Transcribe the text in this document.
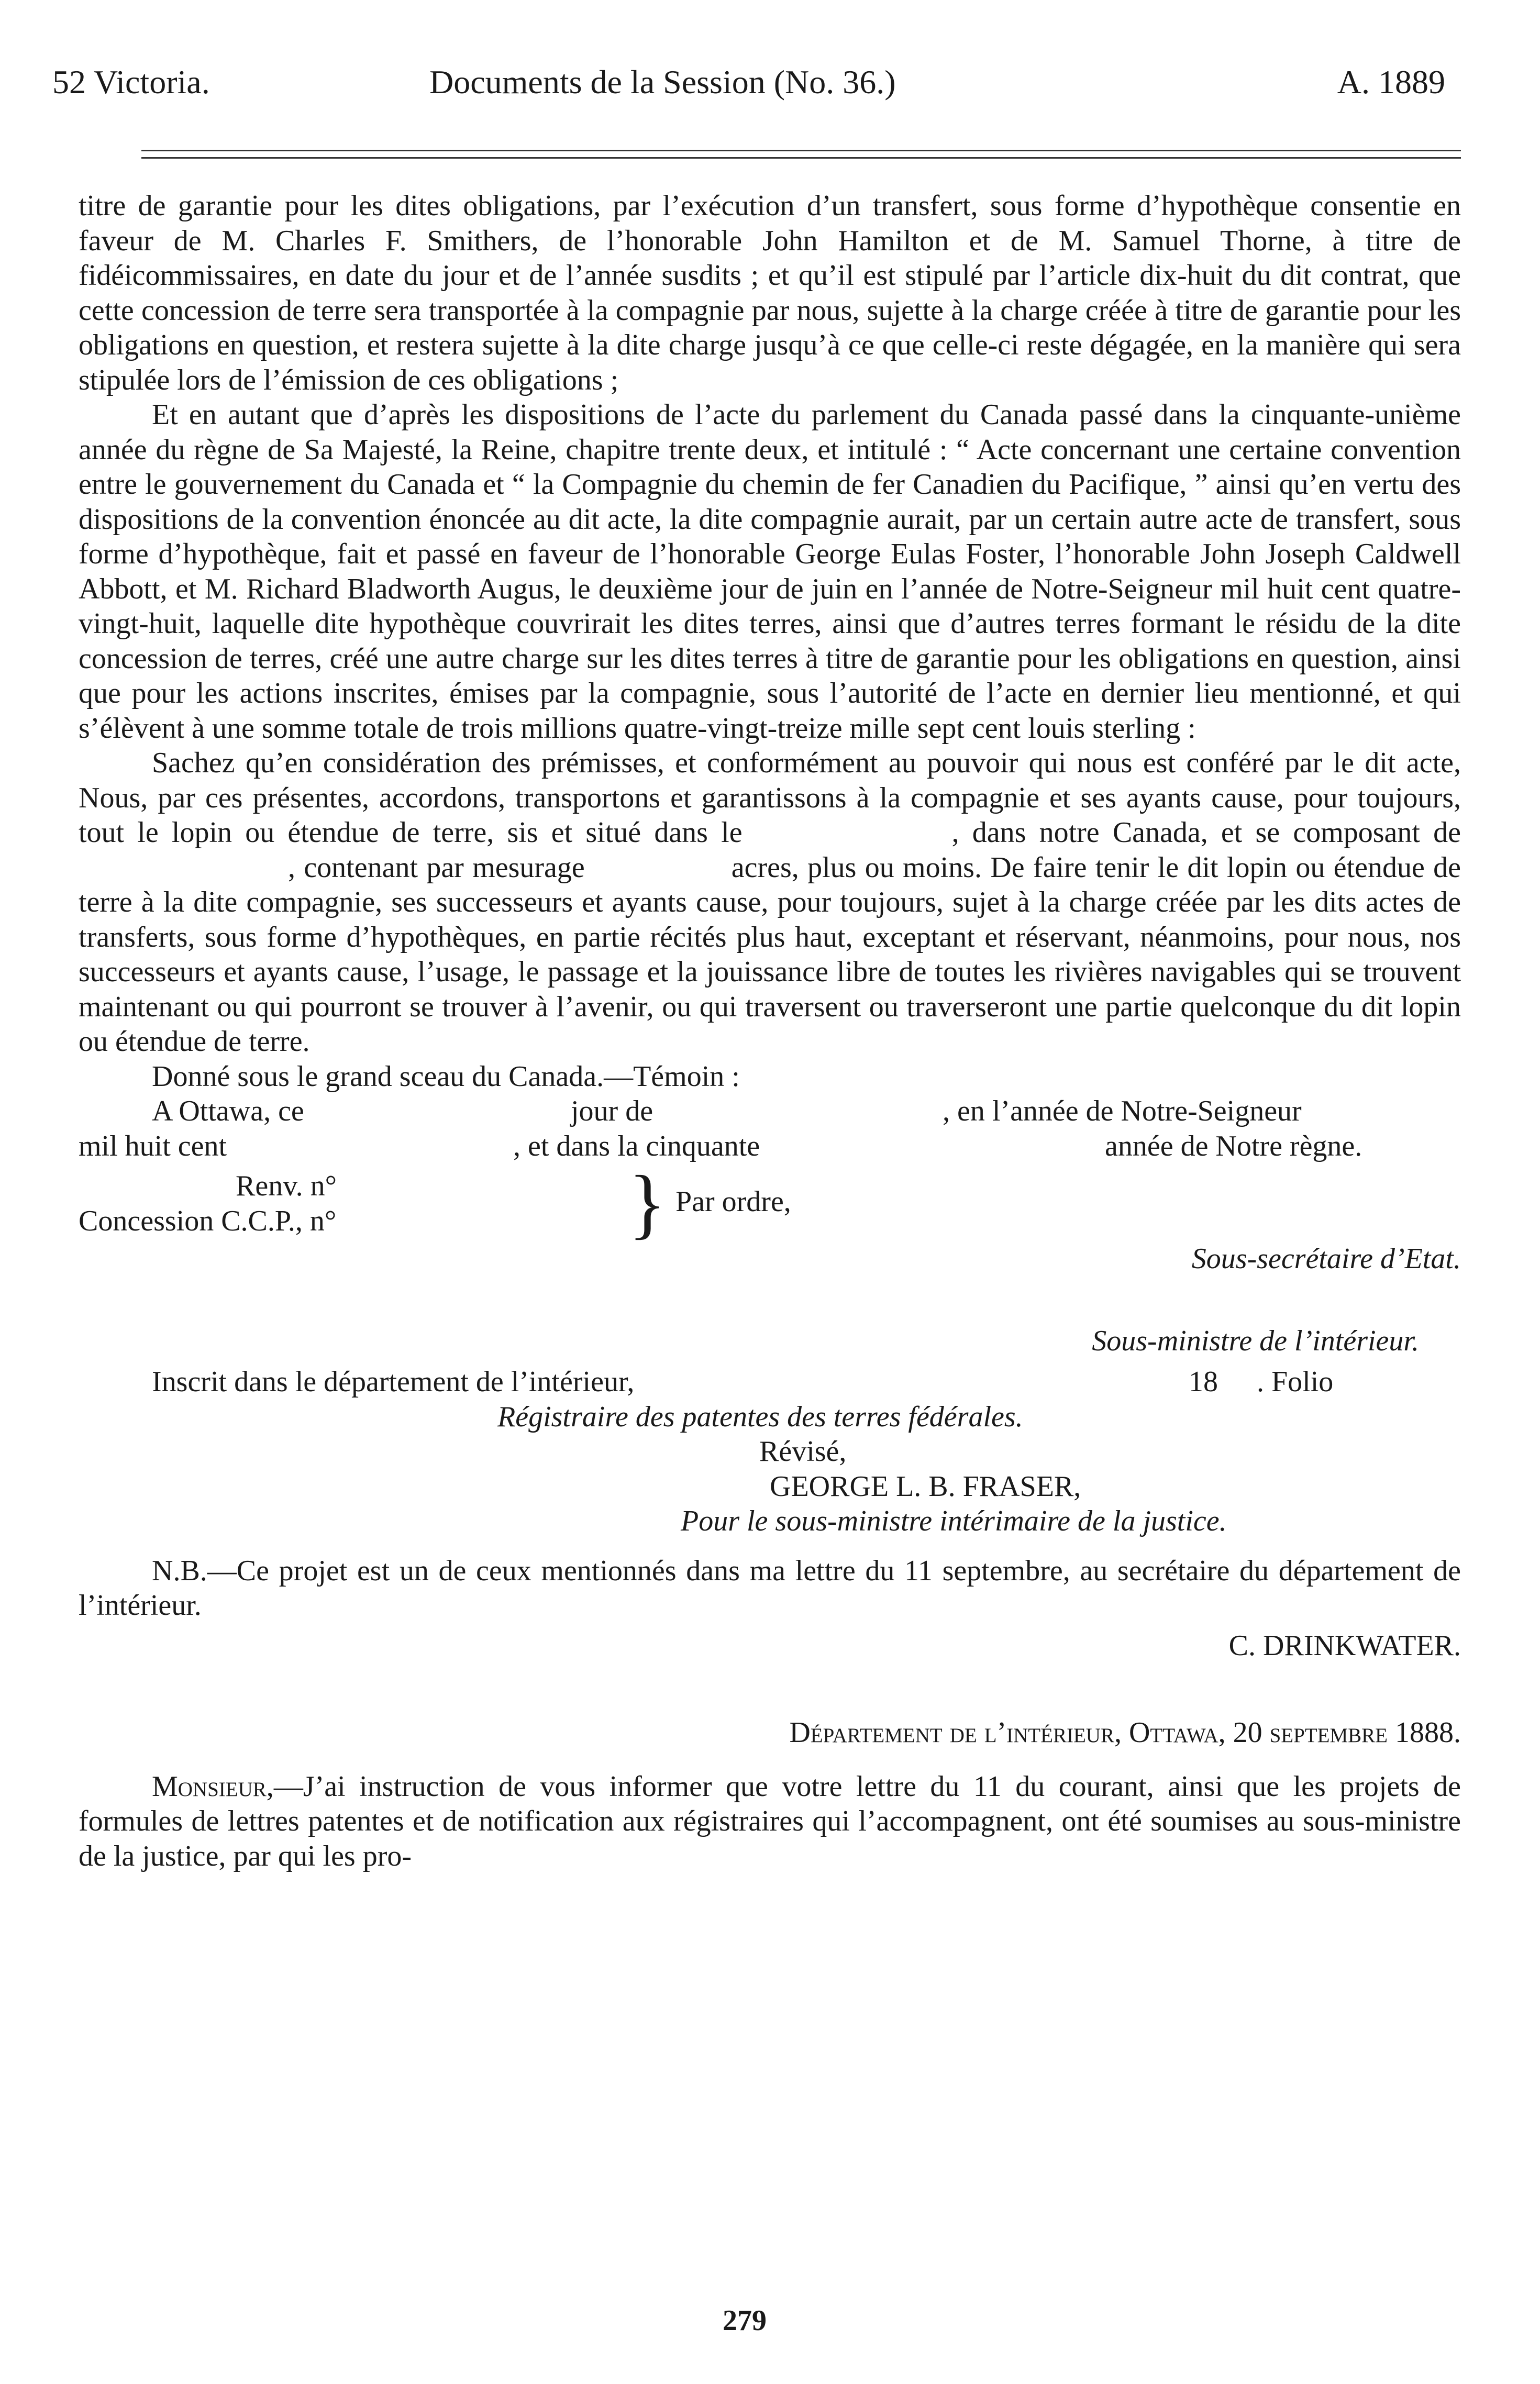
52 Victoria.	Documents de la Session (No. 36.)	A. 1889

titre de garantie pour les dites obligations, par l’exécution d’un transfert, sous forme d’hypothèque consentie en faveur de M. Charles F. Smithers, de l’honorable John Hamilton et de M. Samuel Thorne, à titre de fidéicommissaires, en date du jour et de l’année susdits ; et qu’il est stipulé par l’article dix-huit du dit contrat, que cette concession de terre sera transportée à la compagnie par nous, sujette à la charge créée à titre de garantie pour les obligations en question, et restera sujette à la dite charge jusqu’à ce que celle-ci reste dégagée, en la manière qui sera stipulée lors de l’émission de ces obligations ;

Et en autant que d’après les dispositions de l’acte du parlement du Canada passé dans la cinquante-unième année du règne de Sa Majesté, la Reine, chapitre trente deux, et intitulé : “ Acte concernant une certaine convention entre le gouvernement du Canada et “ la Compagnie du chemin de fer Canadien du Pacifique, ” ainsi qu’en vertu des dispositions de la convention énoncée au dit acte, la dite compagnie aurait, par un certain autre acte de transfert, sous forme d’hypothèque, fait et passé en faveur de l’honorable George Eulas Foster, l’honorable John Joseph Caldwell Abbott, et M. Richard Bladworth Augus, le deuxième jour de juin en l’année de Notre-Seigneur mil huit cent quatre-vingt-huit, laquelle dite hypothèque couvrirait les dites terres, ainsi que d’autres terres formant le résidu de la dite concession de terres, créé une autre charge sur les dites terres à titre de garantie pour les obligations en question, ainsi que pour les actions inscrites, émises par la compagnie, sous l’autorité de l’acte en dernier lieu mentionné, et qui s’élèvent à une somme totale de trois millions quatre-vingt-treize mille sept cent louis sterling :

Sachez qu’en considération des prémisses, et conformément au pouvoir qui nous est conféré par le dit acte, Nous, par ces présentes, accordons, transportons et garantissons à la compagnie et ses ayants cause, pour toujours, tout le lopin ou étendue de terre, sis et situé dans le	, dans notre Canada, et se composant de, contenant par mesurage	acres, plus ou moins. De faire tenir le dit lopin ou étendue de terre à la dite compagnie, ses successeurs et ayants cause, pour toujours, sujet à la charge créée par les dits actes de transferts, sous forme d’hypothèques, en partie récités plus haut, exceptant et réservant, néanmoins, pour nous, nos successeurs et ayants cause, l’usage, le passage et la jouissance libre de toutes les rivières navigables qui se trouvent maintenant ou qui pourront se trouver à l’avenir, ou qui traversent ou traverseront une partie quelconque du dit lopin ou étendue de terre.

Donné sous le grand sceau du Canada.—Témoin :

A Ottawa, ce	jour de	, en l’année de Notre-Seigneur
mil huit cent	, et dans la cinquante	année de Notre règne.
Renv. n°	} Par ordre,
Concession C.C.P., n°
Sous-secrétaire d’Etat.
Sous-ministre de l’intérieur.
Inscrit dans le département de l’intérieur,	18 . Folio
Régistraire des patentes des terres fédérales.
Révisé,
GEORGE L. B. FRASER,
Pour le sous-ministre intérimaire de la justice.

N.B.—Ce projet est un de ceux mentionnés dans ma lettre du 11 septembre, au secrétaire du département de l’intérieur.

C. DRINKWATER.
Département de l’intérieur, Ottawa, 20 septembre 1888.

Monsieur,—J’ai instruction de vous informer que votre lettre du 11 du courant, ainsi que les projets de formules de lettres patentes et de notification aux régistraires qui l’accompagnent, ont été soumises au sous-ministre de la justice, par qui les pro-

279
